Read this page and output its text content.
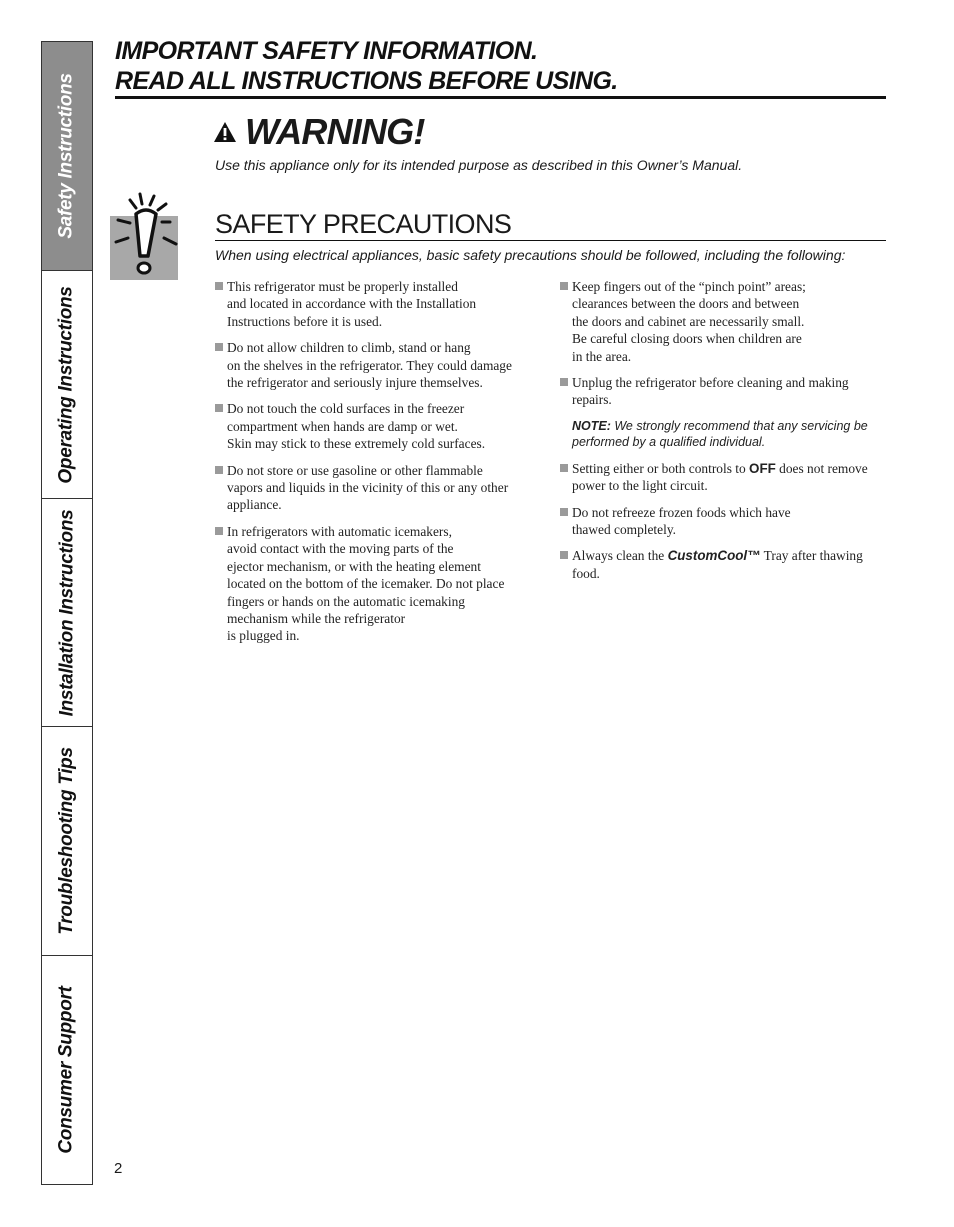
Safety Instructions
Operating Instructions
Installation Instructions
Troubleshooting Tips
Consumer Support
IMPORTANT SAFETY INFORMATION.
READ ALL INSTRUCTIONS BEFORE USING.
WARNING!

Use this appliance only for its intended purpose as described in this Owner’s Manual.

SAFETY PRECAUTIONS

When using electrical appliances, basic safety precautions should be followed, including the following:

This refrigerator must be properly installed
and located in accordance with the Installation
Instructions before it is used.
Do not allow children to climb, stand or hang
on the shelves in the refrigerator. They could damage
the refrigerator and seriously injure themselves.
Do not touch the cold surfaces in the freezer
compartment when hands are damp or wet.
Skin may stick to these extremely cold surfaces.
Do not store or use gasoline or other flammable
vapors and liquids in the vicinity of this or any other
appliance.
In refrigerators with automatic icemakers,
avoid contact with the moving parts of the
ejector mechanism, or with the heating element
located on the bottom of the icemaker. Do not place
fingers or hands on the automatic icemaking
mechanism while the refrigerator
is plugged in.
Keep fingers out of the “pinch point” areas;
clearances between the doors and between
the doors and cabinet are necessarily small.
Be careful closing doors when children are
in the area.
Unplug the refrigerator before cleaning and making
repairs.

NOTE: We strongly recommend that any servicing be
performed by a qualified individual.

Setting either or both controls to OFF does not remove
power to the light circuit.
Do not refreeze frozen foods which have
thawed completely.
Always clean the CustomCool™ Tray after thawing
food.
2
